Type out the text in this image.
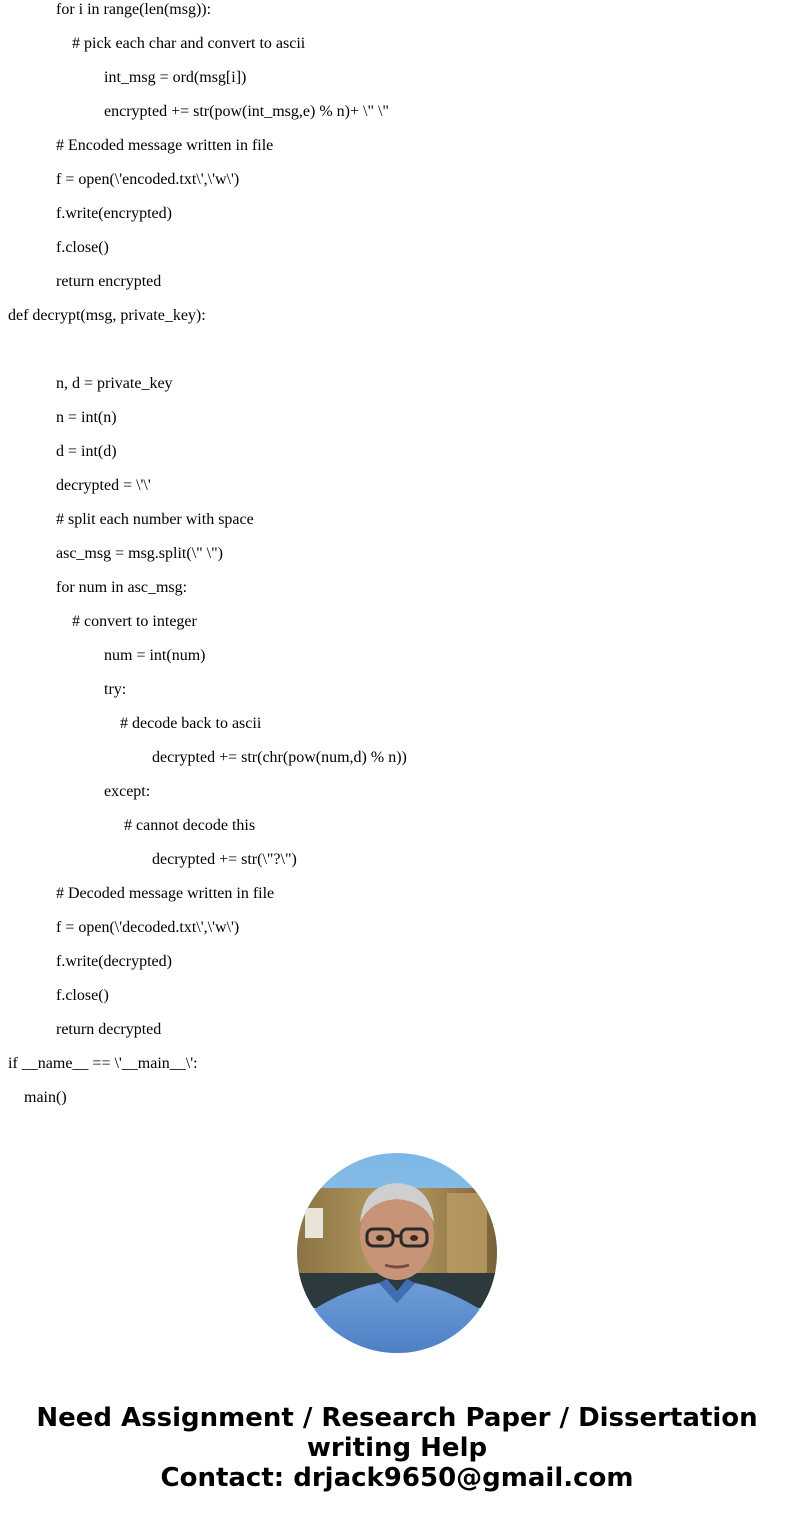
for i in range(len(msg)):
# pick each char and convert to ascii
int_msg = ord(msg[i])
encrypted += str(pow(int_msg,e) % n)+ \" \"
# Encoded message written in file
f = open(\'encoded.txt\',\'w\')
f.write(encrypted)
f.close()
return encrypted
def decrypt(msg, private_key):
n, d = private_key
n = int(n)
d = int(d)
decrypted = \'\'
# split each number with space
asc_msg = msg.split(\" \")
for num in asc_msg:
# convert to integer
num = int(num)
try:
# decode back to ascii
decrypted += str(chr(pow(num,d) % n))
except:
# cannot decode this
decrypted += str(\"?\")
# Decoded message written in file
f = open(\'decoded.txt\',\'w\')
f.write(decrypted)
f.close()
return decrypted
if __name__ == \'__main__\':
main()
Need Assignment / Research Paper / Dissertation
writing Help
Contact: drjack9650@gmail.com
